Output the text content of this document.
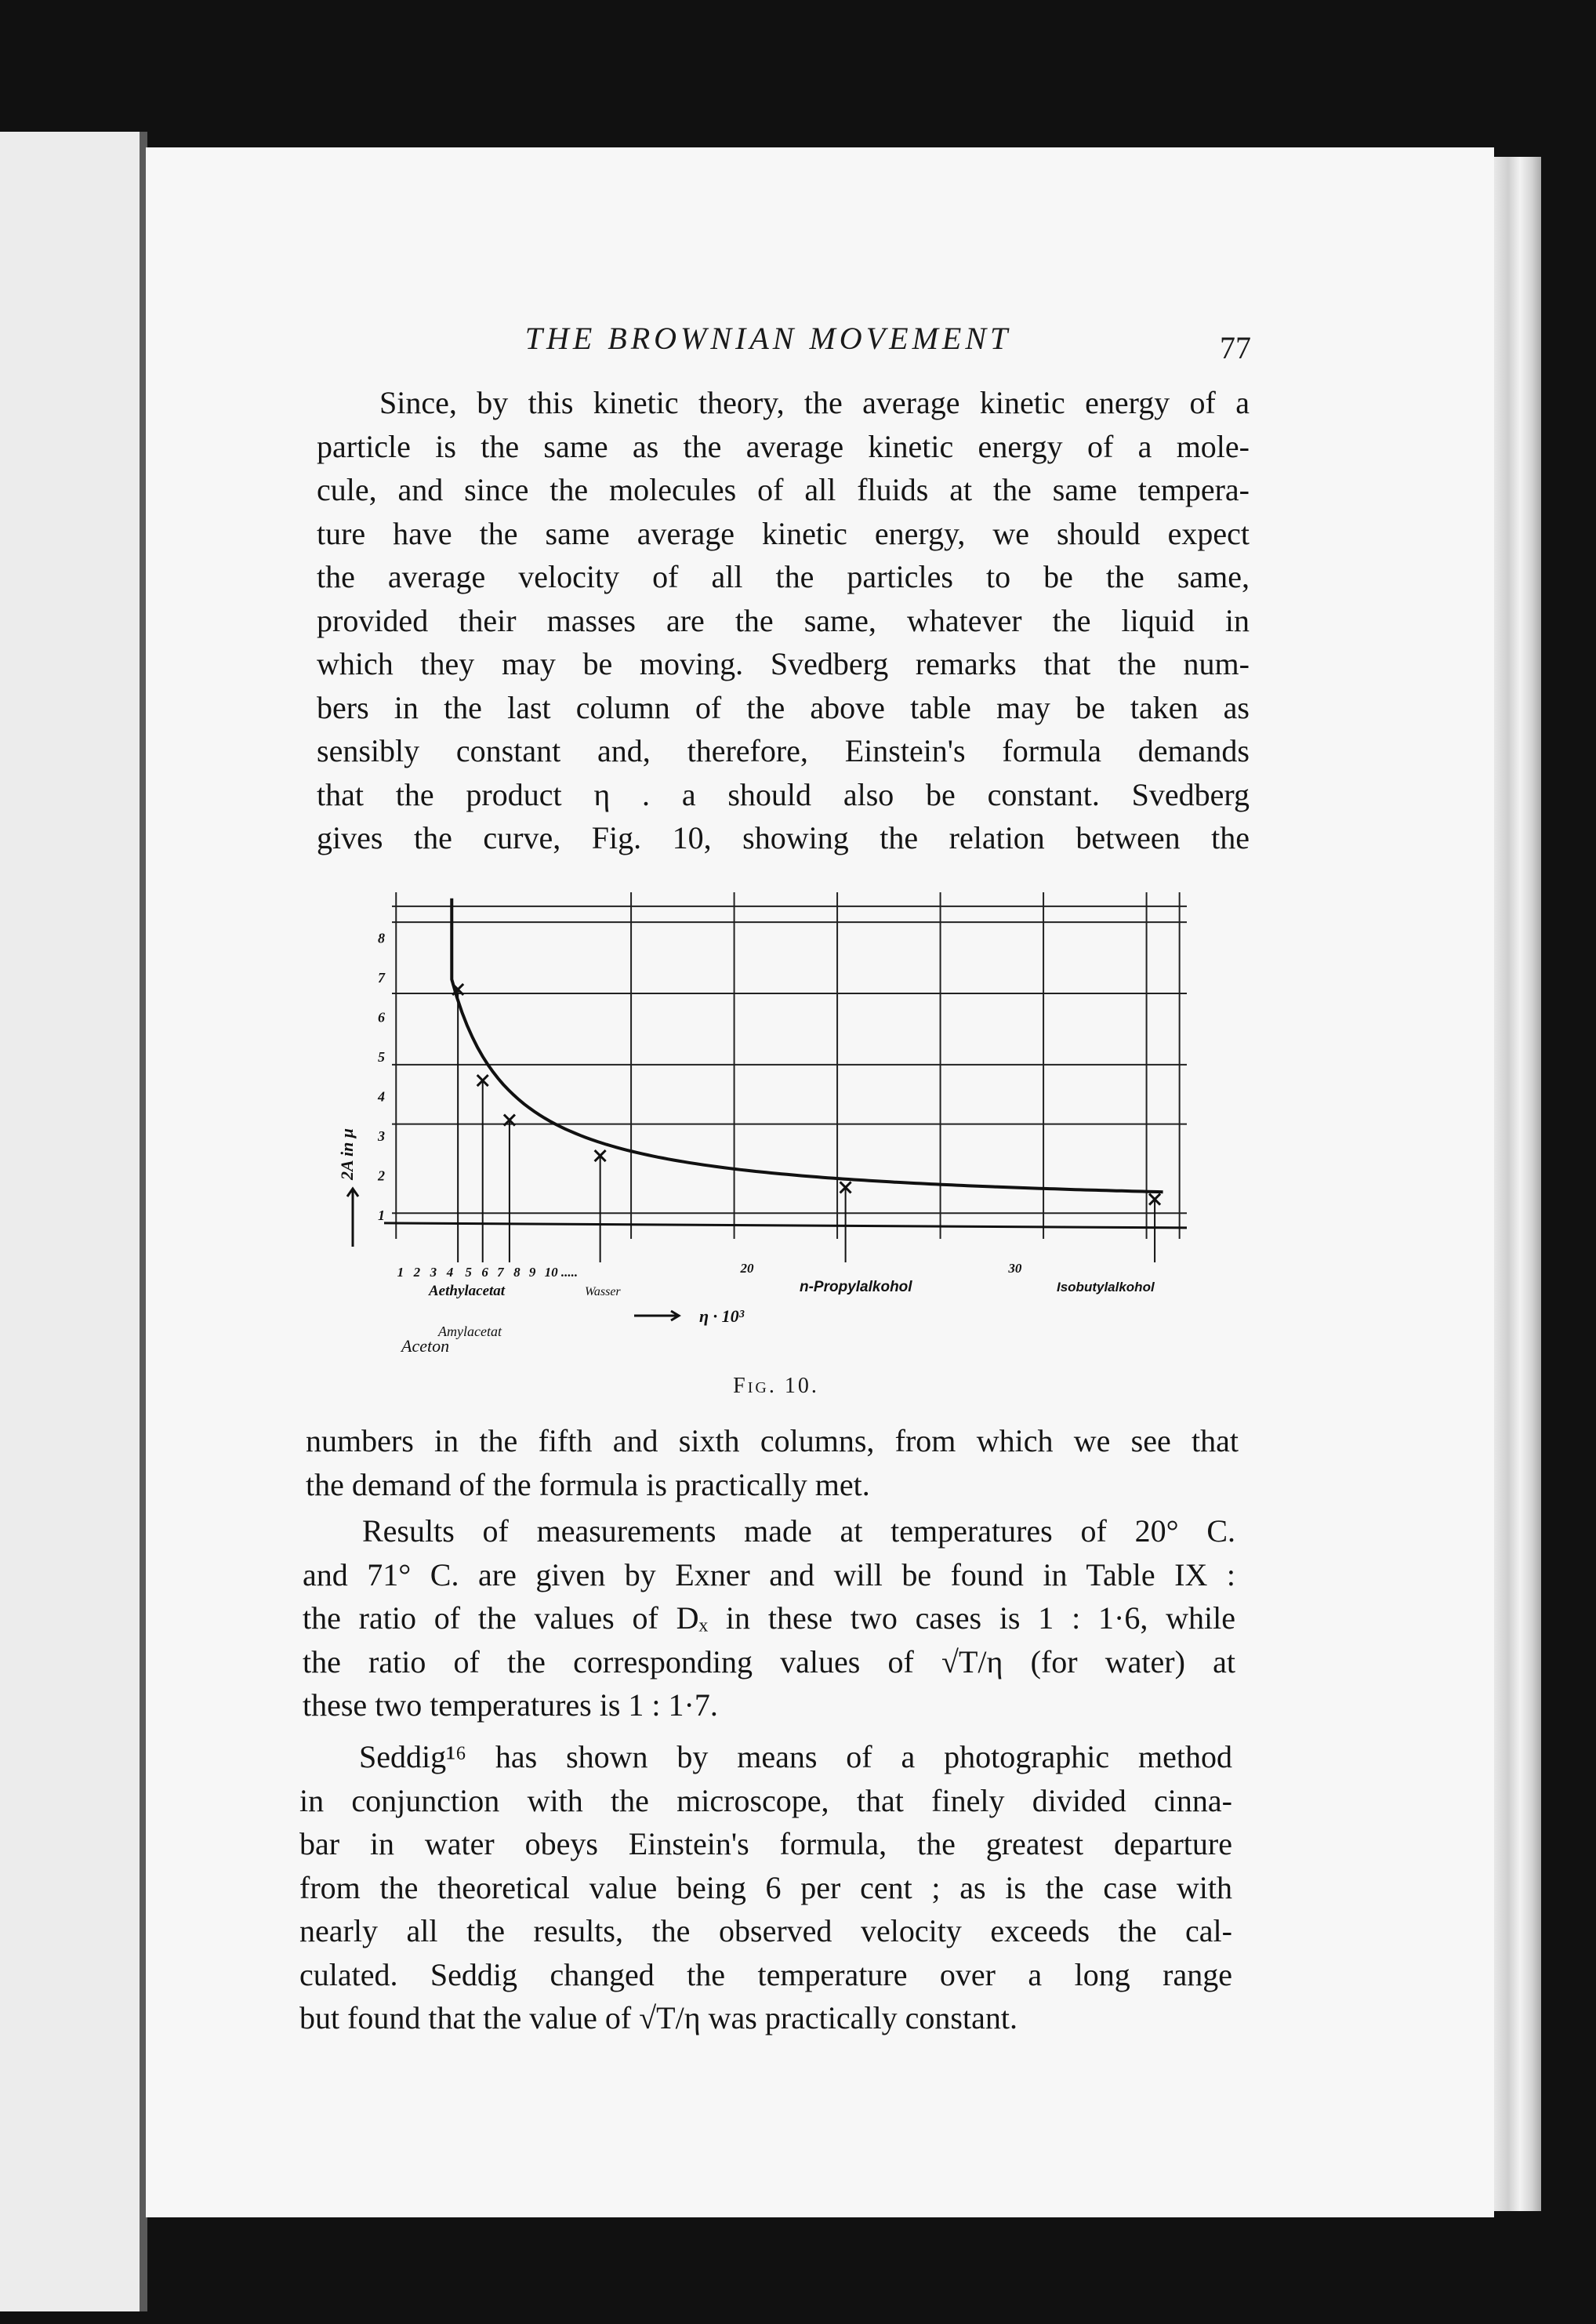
THE BROWNIAN MOVEMENT	77
Since, by this kinetic theory, the average kinetic energy of a
particle is the same as the average kinetic energy of a mole-
cule, and since the molecules of all fluids at the same tempera-
ture have the same average kinetic energy, we should expect
the average velocity of all the particles to be the same,
provided their masses are the same, whatever the liquid in
which they may be moving. Svedberg remarks that the num-
bers in the last column of the above table may be taken as
sensibly constant and, therefore, Einstein's formula demands
that the product η . a should also be constant. Svedberg
gives the curve, Fig. 10, showing the relation between the
1
2
3
4
5
6
7
8
1 2 3 4 5 6 7 8 9 10 .....	20	30
2A in μ
Aethylacetat	Wasser
Amylacetat
Aceton
n-Propylalkohol	Isobutylalkohol
η · 10³
Fig. 10.
numbers in the fifth and sixth columns, from which we see that
the demand of the formula is practically met.
Results of measurements made at temperatures of 20° C.
and 71° C. are given by Exner and will be found in Table IX :
the ratio of the values of Dₓ in these two cases is 1 : 1·6, while
the ratio of the corresponding values of √T/η (for water) at
these two temperatures is 1 : 1·7.
Seddig¹⁶ has shown by means of a photographic method
in conjunction with the microscope, that finely divided cinna-
bar in water obeys Einstein's formula, the greatest departure
from the theoretical value being 6 per cent ; as is the case with
nearly all the results, the observed velocity exceeds the cal-
culated. Seddig changed the temperature over a long range
but found that the value of √T/η was practically constant.
